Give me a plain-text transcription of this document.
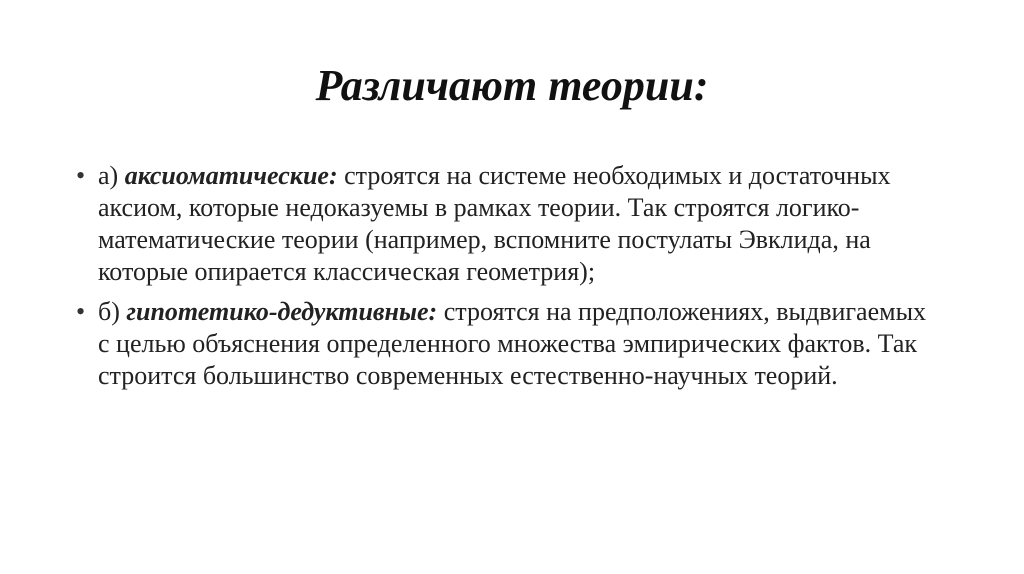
Различают теории:
• а) аксиоматические: строятся на системе необходимых и достаточных аксиом, которые недоказуемы в рамках теории. Так строятся логико-математические теории (например, вспомните постулаты Эвклида, на которые опирается классическая геометрия);
• б) гипотетико-дедуктивные: строятся на предположениях, выдвигаемых с целью объяснения определенного множества эмпирических фактов. Так строится большинство современных естественно-научных теорий.
